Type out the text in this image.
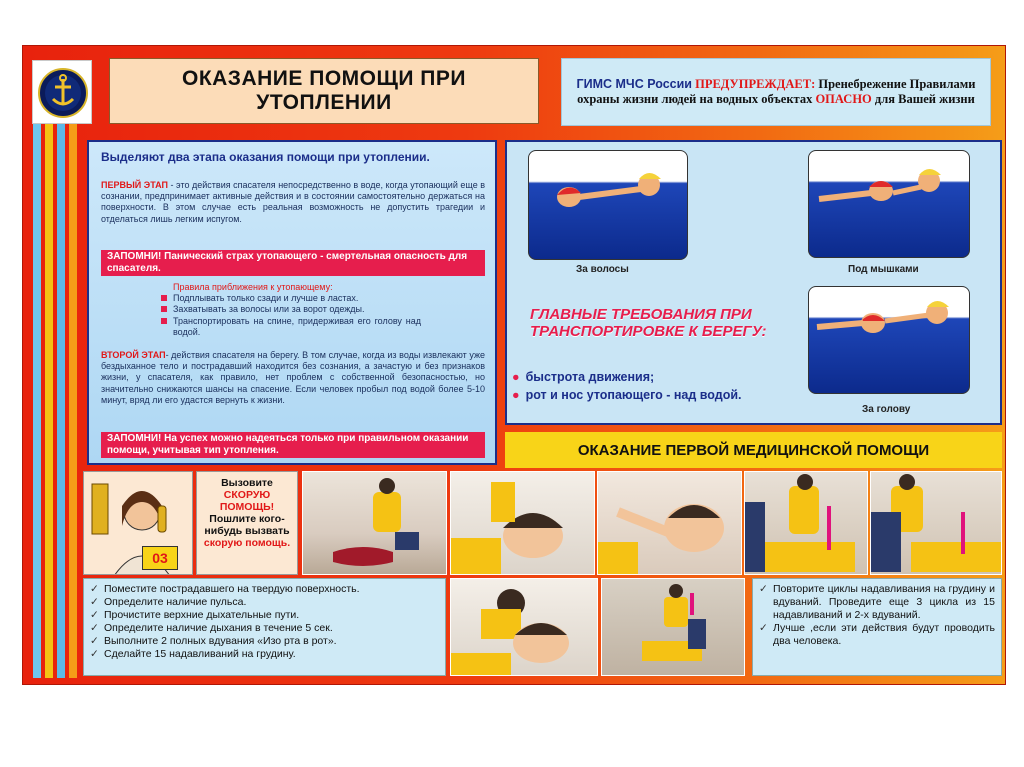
ОКАЗАНИЕ ПОМОЩИ ПРИ
УТОПЛЕНИИ
ГИМС МЧС России ПРЕДУПРЕЖДАЕТ: Пренебрежение Правилами охраны жизни людей на водных объектах ОПАСНО для Вашей жизни
Выделяют два этапа оказания помощи при утоплении.
ПЕРВЫЙ ЭТАП - это действия спасателя непосредственно в воде, когда утопающий еще в сознании, предпринимает активные действия и в состоянии самостоятельно держаться на поверхности. В этом случае есть реальная возможность не допустить трагедии и отделаться лишь легким испугом.
ЗАПОМНИ! Панический страх утопающего - смертельная опасность для спасателя.
Правила приближения к утопающему:
Подплывать только сзади и лучше в ластах.
Захватывать за волосы или за ворот одежды.
Транспортировать на спине, придерживая его голову над водой.
ВТОРОЙ ЭТАП- действия спасателя на берегу. В том случае, когда из воды извлекают уже бездыханное тело и пострадавший находится без сознания, а зачастую и без признаков жизни, у спасателя, как правило, нет проблем с собственной безопасностью, но значительно снижаются шансы на спасение. Если человек пробыл под водой более 5-10 минут, вряд ли его удастся вернуть к жизни.
ЗАПОМНИ! На успех можно надеяться только при правильном оказании помощи, учитывая тип утопления.
За волосы	Под мышками
За голову
ГЛАВНЫЕ ТРЕБОВАНИЯ ПРИ ТРАНСПОРТИРОВКЕ К БЕРЕГУ:
● быстрота движения;
● рот и нос утопающего - над водой.
ОКАЗАНИЕ ПЕРВОЙ МЕДИЦИНСКОЙ ПОМОЩИ
03
Вызовите
СКОРУЮ ПОМОЩЬ!
Пошлите кого- нибудь вызвать
скорую помощь.
✓ Поместите пострадавшего на твердую поверхность.
✓ Определите наличие пульса.
✓ Прочистите верхние дыхательные пути.
✓ Определите наличие дыхания в течение 5 сек.
✓ Выполните 2 полных вдувания «Изо рта в рот».
✓ Сделайте 15 надавливаний на грудину.
✓ Повторите циклы надавливания на грудину и вдуваний. Проведите еще 3 цикла из 15 надавливаний и 2-х вдуваний.
✓ Лучше ,если эти действия будут проводить два человека.
